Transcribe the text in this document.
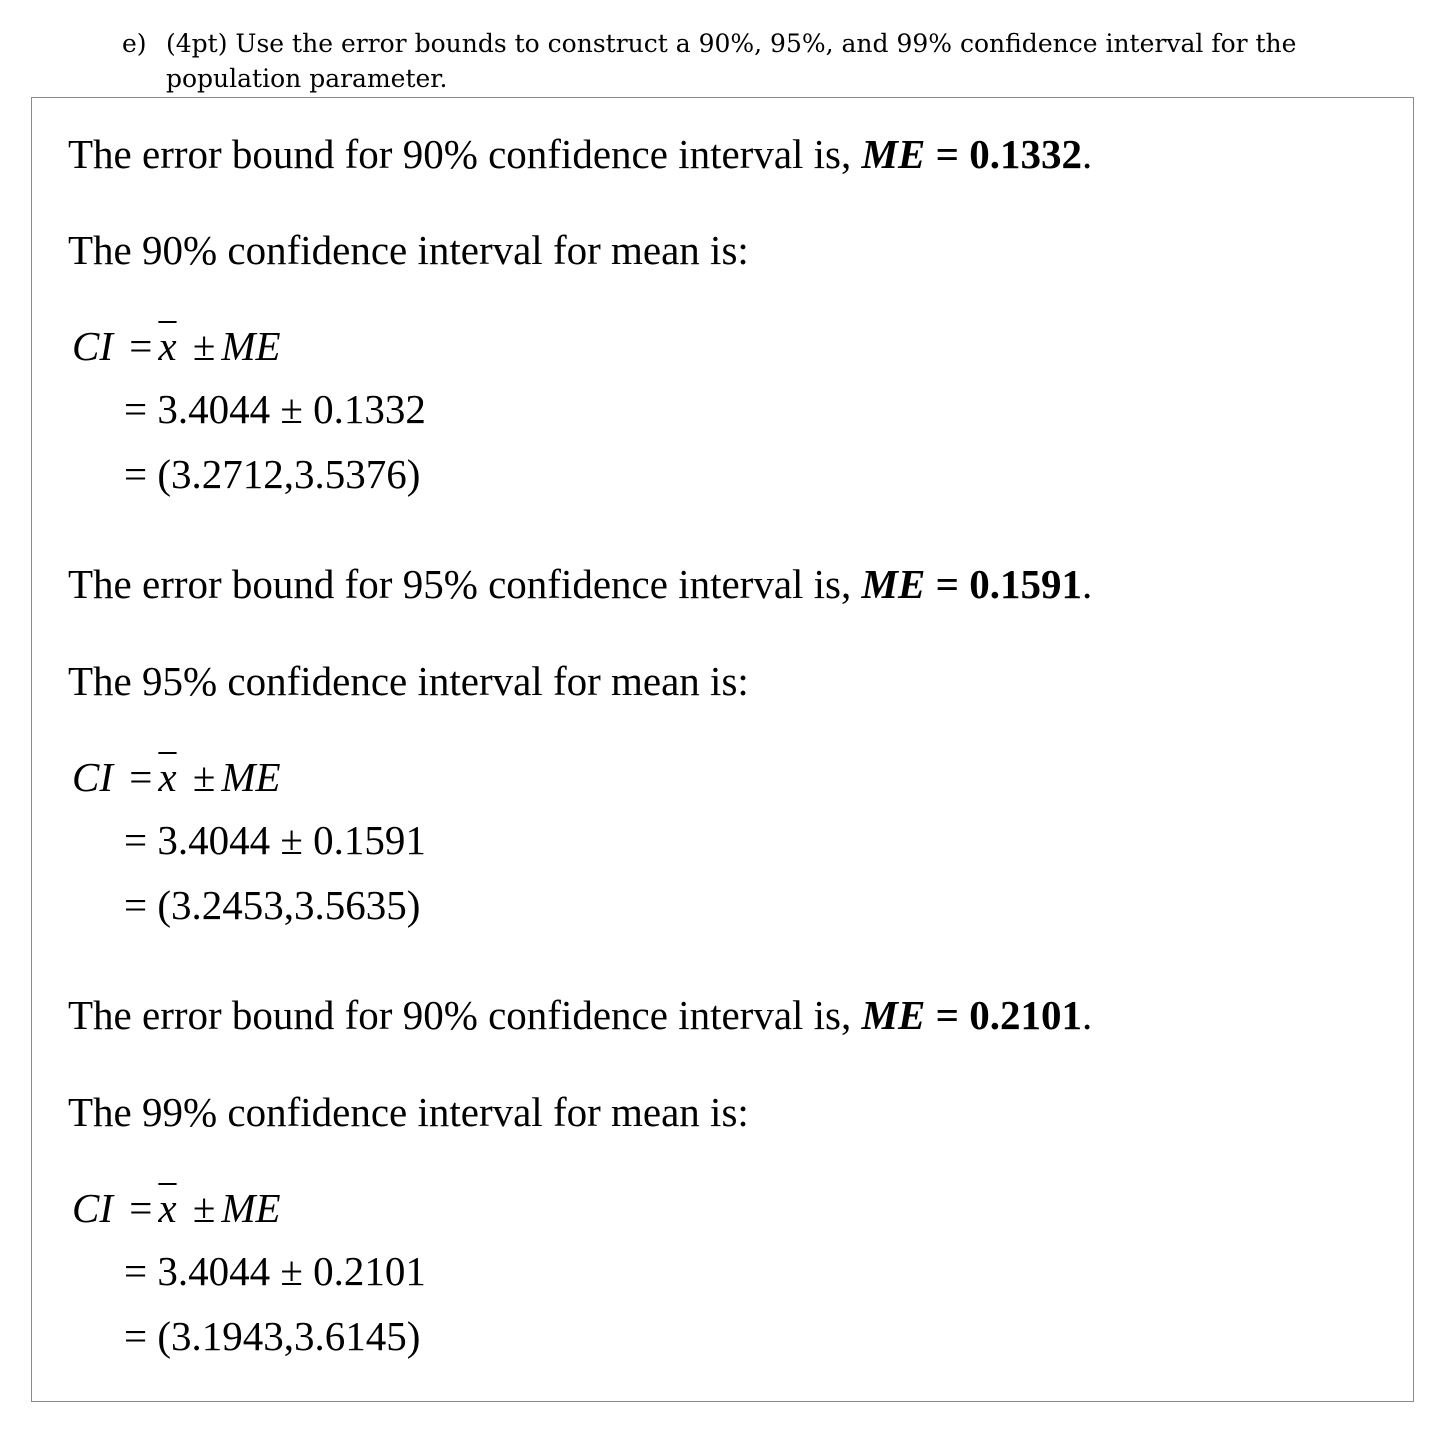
e) (4pt) Use the error bounds to construct a 90%, 95%, and 99% confidence interval for the population parameter.
The error bound for 90% confidence interval is, ME = 0.1332.
The 90% confidence interval for mean is:
CI = $\overline{x}$ ± ME
= 3.4044 ± 0.1332
= (3.2712,3.5376)
The error bound for 95% confidence interval is, ME = 0.1591.
The 95% confidence interval for mean is:
CI = $\overline{x}$ ± ME
= 3.4044 ± 0.1591
= (3.2453,3.5635)
The error bound for 90% confidence interval is, ME = 0.2101.
The 99% confidence interval for mean is:
CI = $\overline{x}$ ± ME
= 3.4044 ± 0.2101
= (3.1943,3.6145)
